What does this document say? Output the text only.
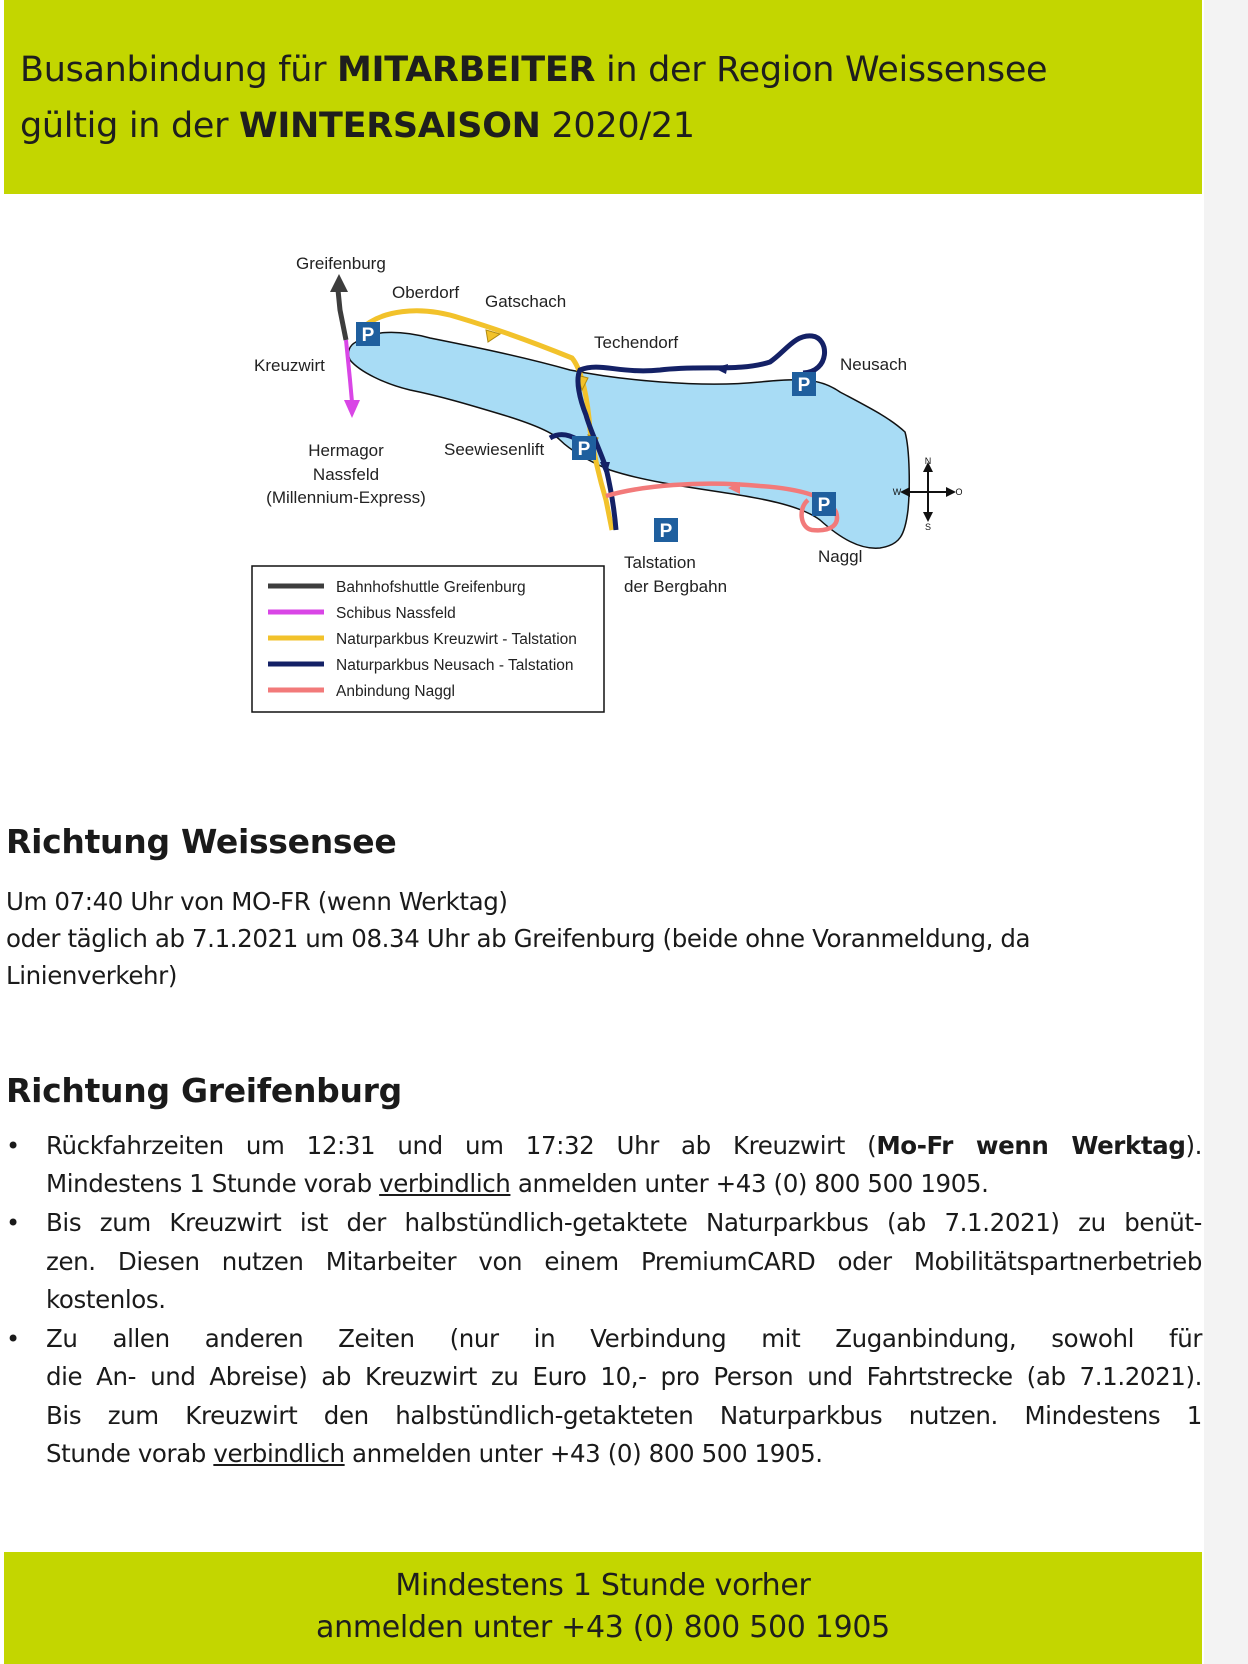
Busanbindung für MITARBEITER in der Region Weissensee
gültig in der WINTERSAISON 2020/21
P
P
P
P
P
N
S
W	O
Greifenburg
Oberdorf Gatschach
Techendorf
Neusach
Kreuzwirt
Hermagor
Nassfeld
(Millennium-Express)
Seewiesenlift
Talstation
der Bergbahn
Naggl
Bahnhofshuttle Greifenburg
Schibus Nassfeld
Naturparkbus Kreuzwirt - Talstation
Naturparkbus Neusach - Talstation
Anbindung Naggl
Richtung Weissensee
Um 07:40 Uhr von MO-FR (wenn Werktag)
oder täglich ab 7.1.2021 um 08.34 Uhr ab Greifenburg (beide ohne Voranmeldung, da
Linienverkehr)
Richtung Greifenburg
• Rückfahrzeiten um 12:31 und um 17:32 Uhr ab Kreuzwirt (Mo-Fr wenn Werktag).
Mindestens 1 Stunde vorab verbindlich anmelden unter +43 (0) 800 500 1905.
• Bis zum Kreuzwirt ist der halbstündlich-getaktete Naturparkbus (ab 7.1.2021) zu benüt-
zen. Diesen nutzen Mitarbeiter von einem PremiumCARD oder Mobilitätspartnerbetrieb
kostenlos.
• Zu allen anderen Zeiten (nur in Verbindung mit Zuganbindung, sowohl für
die An- und Abreise) ab Kreuzwirt zu Euro 10,- pro Person und Fahrtstrecke (ab 7.1.2021).
Bis zum Kreuzwirt den halbstündlich-getakteten Naturparkbus nutzen. Mindestens 1
Stunde vorab verbindlich anmelden unter +43 (0) 800 500 1905.
Mindestens 1 Stunde vorher
anmelden unter +43 (0) 800 500 1905
